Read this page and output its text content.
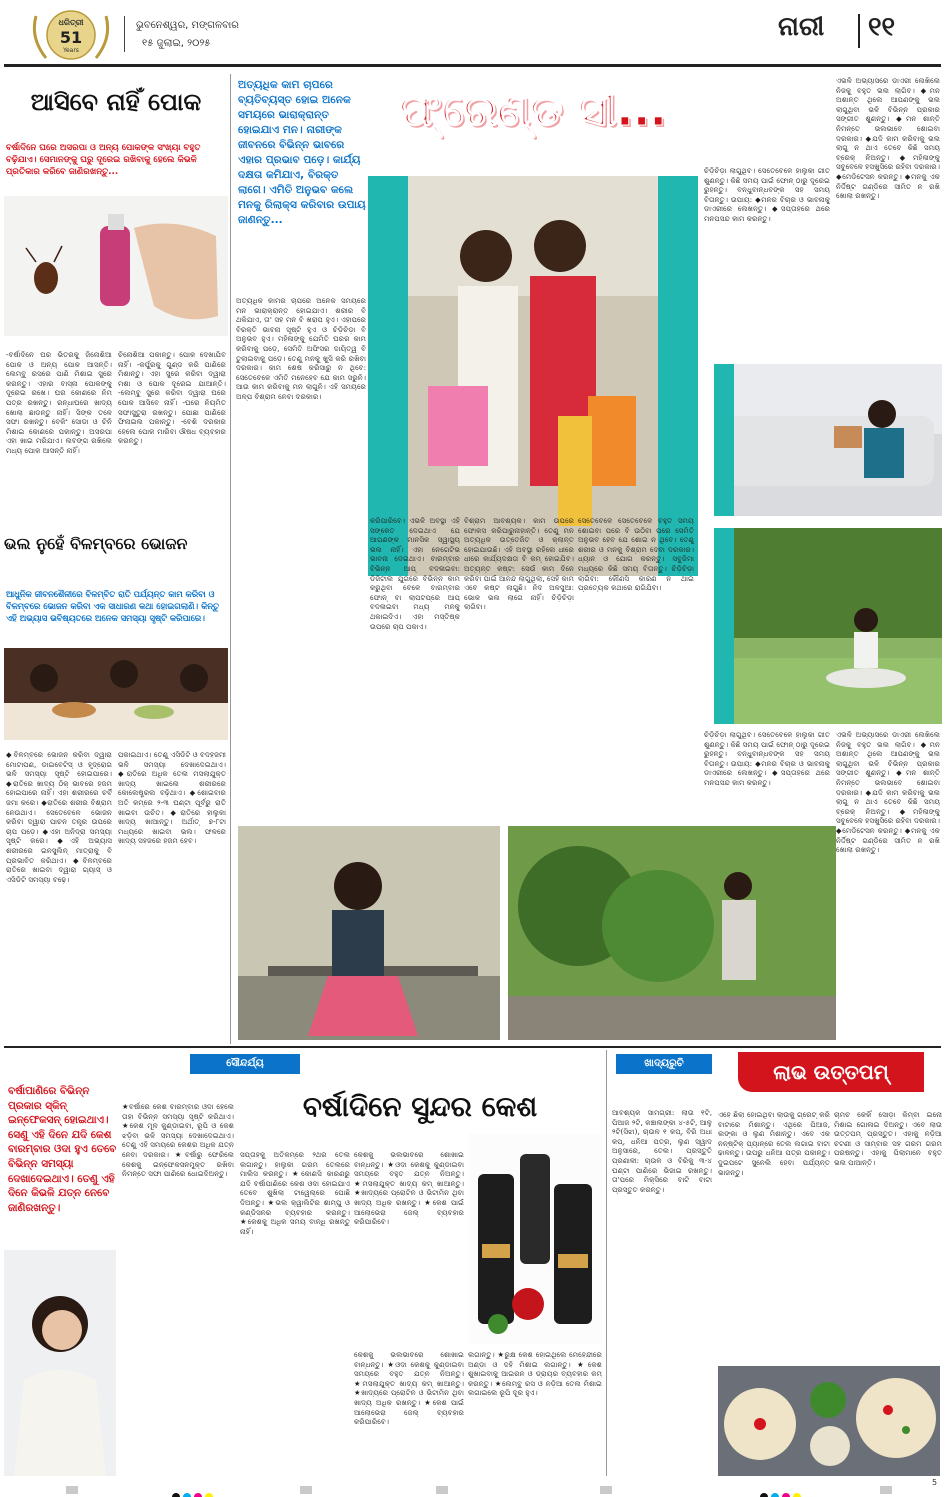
ଧରିତ୍ରୀ
51
Years
ଭୁବନେଶ୍ୱର, ମଙ୍ଗଳବାର
୧୫ ଜୁଲାଇ, ୨୦୨୫
ନାରୀ ୧୧
ଆସିବେ ନାହିଁ ପୋକ
ବର୍ଷାଦିନେ ଘରେ ଅସରପା ଓ ଅନ୍ୟ ପୋକଙ୍କ ସଂଖ୍ୟା ବହୁତ ବଢ଼ିଯାଏ। ସେମାନଙ୍କୁ ଘରୁ ଦୂରେଇ ରଖିବାକୁ ହେଲେ କିଭଳି ପ୍ରତିକାର କରିବେ ଜାଣିରଖନ୍ତୁ...
-ବର୍ଷାଦିନେ ଘର ଭିତରକୁ ଜିନୋଶିଆ ପୋକ ଓ ଅନ୍ୟ ପୋକ ଆସନ୍ତି। ଲେମ୍ବୁ ରସରେ ପାଣି ମିଶାଇ ସ୍ପ୍ରେ କରନ୍ତୁ। ଏହାର ବାସ୍ନା ପୋକଙ୍କୁ ଦୂରେଇ ରଖେ। ଘର କୋଣରେ ନିମ ପତ୍ର ରଖନ୍ତୁ। ରନ୍ଧାଘରେ ଖାଦ୍ୟ ଖୋଲା ଛାଡନ୍ତୁ ନାହିଁ। ସିଙ୍କ ତଳେ ସଫା ରଖନ୍ତୁ। ବେକିଂ ସୋଡା ଓ ଚିନି ମିଶାଇ କୋଣରେ ପକାନ୍ତୁ। ଅସରପା ଏହା ଖାଇ ମରିଯାଏ। ଲବଙ୍ଗ ରଖିଲେ ମଧ୍ୟ ପୋକ ଆସନ୍ତି ନାହିଁ।
ଚିନୋଶିଆ ପକାନ୍ତୁ। ପୋକ ଦେଖାଯିବ ନାହିଁ। -କର୍ପୁରକୁ ଗୁଣ୍ଡ କରି ପାଣିରେ ମିଶାନ୍ତୁ। ଏହା ସ୍ପ୍ରେ କରିବା ଦ୍ୱାରା ମଶା ଓ ପୋକ ଦୂରେଇ ଯାଆନ୍ତି। -ଲେମ୍ବୁ ସ୍ପ୍ରେ କରିବା ଦ୍ୱାରା ଘରେ ପୋକ ଆସିବେ ନାହିଁ। -ଘରେ ନିୟମିତ ସଫାସୁତୁରା ରଖନ୍ତୁ। ପୋଛା ପାଣିରେ ଫିନାଇଲ ପକାନ୍ତୁ। -ବେଶି ଦରକାର ହେଲେ ପୋକ ମାରିବା ଔଷଧ ବ୍ୟବହାର କରନ୍ତୁ।
ଭଲ ନୁହେଁ ବିଳମ୍ବରେ ଭୋଜନ
ଆଧୁନିକ ଜୀବନଶୈଳୀରେ ବିଳମ୍ବିତ ରାତି ପର୍ଯ୍ୟନ୍ତ କାମ କରିବା ଓ ବିଳମ୍ବରେ ଭୋଜନ କରିବା ଏକ ସାଧାରଣ କଥା ହୋଇଗଲାଣି। କିନ୍ତୁ ଏହି ଅଭ୍ୟାସ ଭବିଷ୍ୟତରେ ଅନେକ ସମସ୍ୟା ସୃଷ୍ଟି କରିପାରେ।
◆ବିଳମ୍ବରେ ଭୋଜନ କରିବା ଦ୍ୱାରା ମୋଟାପଣ, ଡାଇବେଟିସ୍ ଓ ହୃଦ୍‌ରୋଗ ଭଳି ସମସ୍ୟା ସୃଷ୍ଟି ହୋଇପାରେ। ◆ରାତିରେ ଖାଦ୍ୟ ଠିକ୍ ଭାବରେ ହଜମ ହୋଇପାରେ ନାହିଁ। ଏହା ଶରୀରରେ ଚର୍ବି ଜମା କରେ। ◆ରାତିରେ ଶରୀର ବିଶ୍ରାମ ନେଉଥାଏ। ସେତେବେଳେ ଭୋଜନ କରିବା ଦ୍ୱାରା ପାଚନ ତନ୍ତ୍ର ଉପରେ ଚାପ ପଡ଼େ। ◆ଏହା ଅନିଦ୍ରା ସମସ୍ୟା ସୃଷ୍ଟି କରେ। ◆ଏହି ଅଭ୍ୟାସ ଶରୀରରେ ଇନସୁଲିନ୍ ମାତ୍ରାକୁ ବି ପ୍ରଭାବିତ କରିଥାଏ। ◆ବିଳମ୍ବରେ ରାତିରେ ଖାଇବା ଦ୍ୱାରା ଗ୍ୟାସ୍ ଓ ଏସିଡିଟି ସମସ୍ୟା ବଢ଼େ।
ପକାଇଥାଏ। ତେଣୁ ଏସିଡିଟି ଓ ବଦହଜମୀ ଭଳି ସମସ୍ୟା ଦେଖାଦେଇଥାଏ। ◆ରାତିରେ ଅଧିକ ତେଲ ମସଲାଯୁକ୍ତ ଖାଦ୍ୟ ଖାଇଲେ ଶରୀରରେ କୋଲେଷ୍ଟ୍ରଲ ବଢ଼ିଥାଏ। ◆ଶୋଇବାର ଅତି କମ୍‌ରେ ୨-୩ ଘଣ୍ଟା ପୂର୍ବରୁ ରାତି ଖାଇବା ଉଚିତ। ◆ରାତିରେ ହାଲୁକା ଖାଦ୍ୟ ଖାଆନ୍ତୁ। ଅର୍ଥାତ୍ ୭-୮ଟା ମଧ୍ୟରେ ଖାଇବା ଭଲ। ଫଳରେ ଖାଦ୍ୟ ସହଜରେ ହଜମ ହେବ।
ଅତ୍ୟଧିକ କାମ ଚାପରେ ବ୍ୟତିବ୍ୟସ୍ତ ହୋଇ ଅନେକ ସମୟରେ ଭାରାକ୍ରାନ୍ତ ହୋଇଯାଏ ମନ। ନାରୀଙ୍କ ଜୀବନରେ ବିଭିନ୍ନ ଭାବରେ ଏହାର ପ୍ରଭାବ ପଡ଼େ। କାର୍ଯ୍ୟ ଦକ୍ଷତା କମିଯାଏ, ବିରକ୍ତ ଲାଗେ। ଏମିତି ଅନୁଭବ କଲେ ମନକୁ ରିଲାକ୍ସ କରିବାର ଉପାୟ ଜାଣନ୍ତୁ...
ଫ୍ରେଣ୍ଡ ସୀ...
ଅତ୍ୟଧିକ କାମର ଚାପରେ ଅନେକ ସମୟରେ ମନ ଭାରାକ୍ରାନ୍ତ ହୋଇଯାଏ। ଶରୀର ବି ଥକିଯାଏ, ତା' ସହ ମନ ବି ଖରାପ ହୁଏ। ଏହାପରେ ବିରକ୍ତି ଭାବନା ସୃଷ୍ଟି ହୁଏ ଓ ଚିଡ଼ିଚିଡ଼ା ବି ଅନୁଭବ ହୁଏ। ମହିଳାଙ୍କୁ ଯେମିତି ଘରର କାମ କରିବାକୁ ପଡ଼େ, ସେମିତି ଅଫିସର ଦାୟିତ୍ୱ ବି ତୁଲାଇବାକୁ ପଡ଼େ। ତେଣୁ ମନକୁ ଖୁସି କରି ରଖିବା ଦରକାର। କାମ ଶେଷ କରିସାରୁ ନ ଥିବେ: ସେତେବେଳେ ଏମିତି ମନେହେବ ଯେ କାମ ସରୁନି। ଆଉ କାମ କରିବାକୁ ମନ ଲାଗୁନି। ଏହି ସମୟରେ ଅଳ୍ପ ବିଶ୍ରାମ ନେବା ଦରକାର।
କରିପାରିବେ। ଏଭଳି ଅବସ୍ଥା ଏହି ସଙ୍କେତ ଦେଇଥାଏ ଯେ ଆପଣଙ୍କ ମାନସିକ ସ୍ୱାସ୍ଥ୍ୟ ଭଲ ନାହିଁ। ଏହା ନେଗେଟିଭ ଭାବନା ଦେଇଥାଏ। ବାରମ୍ବାର ବିଭିନ୍ନ ଆପ୍ ବଦଳାଇବା: ଡିଜିଟାଲ ଯୁଗରେ ବିଭିନ୍ନ କାମ କରୁଥିବା ବେଳେ ବାରମ୍ବାର ଫୋନ୍ ବା ଲାପଟପ୍‌ରେ ଆପ୍ ବଦଳାଇବା ମଧ୍ୟ ମନକୁ ଥକାଇଦିଏ। ଏହା ମସ୍ତିଷ୍କ ଉପରେ ଚାପ ପକାଏ।
ବିଶ୍ରାମ ଆବଶ୍ୟକ। କାମ ଉପରେ ଫୋକସ କରିପାରୁନାହାନ୍ତି। ତେଣୁ ମନ ଅତ୍ୟଧିକ ଉତ୍ତେଜିତ ଓ କ୍ଲାନ୍ତ ହୋଇଯାଉଛି। ଏହି ଅବସ୍ଥା ରହିଲେ ଧୀରେ ଧୀରେ କାର୍ଯ୍ୟଦକ୍ଷତା ବି କମ୍ ହୋଇଯିବ। ଅତ୍ୟନ୍ତ କଷ୍ଟ: ସେଉଁ କାମ ଦିନେ କରିବା ପାଇଁ ଆନନ୍ଦ ଲାଗୁଥିଲା, ସେହି କାମ ଏବେ କଷ୍ଟ ଲାଗୁଛି। ନିଦ ଅଳସୁଆ: ଭୋକ ଭଲ ଲାଗେ ନାହିଁ। ଚିଡ଼ିଚିଡ଼ା ଲାଗିବା।
ସେତେବେଳେ ସେତେବେଳେ ବହୁତ ସମୟ ଶୋଇବା ପରେ ବି ଉଠିବା ପରେ ସେମିତି ଅନୁଭବ ହେବ ଯେ ଶୋଇ ନ ଥିବେ। ତେଣୁ ଶରୀର ଓ ମନକୁ ବିଶ୍ରାମ ଦେବା ଦରକାର। ଧ୍ୟାନ ଓ ଯୋଗ କରନ୍ତୁ। ସବୁଜିମା ମଧ୍ୟରେ କିଛି ସମୟ ବିତାନ୍ତୁ। ଚିଡ଼ିଚିଡ଼ା ଲାଗିବା: କୌଣସି କାରଣ ନ ଥାଇ ପ୍ରତ୍ୟେକ କଥାରେ ରାଗିଯିବା।
ଚିଡ଼ିଚିଡ଼ା ଲାଗୁଥିବ। ସେତେବେଳେ ହାଲୁକା ଗୀତ ଶୁଣନ୍ତୁ। କିଛି ସମୟ ପାଇଁ ଫୋନ୍ ଠାରୁ ଦୂରେଇ ରୁହନ୍ତୁ। ବନ୍ଧୁବାନ୍ଧବଙ୍କ ସହ ସମୟ ବିତାନ୍ତୁ। ଉପାୟ: ◆ମନର ବିଚାର ଓ ଭାବନାକୁ ଡାଏରୀରେ ଲେଖନ୍ତୁ। ◆ସପ୍ତାହରେ ଥରେ ମନପସନ୍ଦ କାମ କରନ୍ତୁ।
ଏଭଳି ଅଭ୍ୟାସରେ ଡାଏରୀ ଲେଖିଲେ ନିଜକୁ ବହୁତ ଭଲ ଲାଗିବ। ◆ମନ ଅଶାନ୍ତ ଥିଲେ ଆପଣଙ୍କୁ ଭଲ ଲାଗୁଥିବା ଭଳି ବିଭିନ୍ନ ପ୍ରକାର ସଙ୍ଗୀତ ଶୁଣନ୍ତୁ। ◆ମନ ଶାନ୍ତି ନିମନ୍ତେ ଭଲଭାବେ ଶୋଇବା ଦରକାର। ◆ଯଦି କାମ କରିବାକୁ ଭଲ ଲାଗୁ ନ ଥାଏ ତେବେ କିଛି ସମୟ ବ୍ରେକ୍ ନିଅନ୍ତୁ। ◆ମହିଳାଙ୍କୁ ସବୁବେଳେ ହସଖୁସିରେ ରହିବା ଦରକାର। ◆ମେଡିଟେସନ କରନ୍ତୁ। ◆ମନକୁ ଏକ ନିର୍ଦ୍ଦିଷ୍ଟ ଗଣ୍ଡିରେ ସୀମିତ ନ ରଖି ଖୋଲା ରଖନ୍ତୁ।
ଚିଡ଼ିଚିଡ଼ା ଲାଗୁଥିବ। ସେତେବେଳେ ହାଲୁକା ଗୀତ ଶୁଣନ୍ତୁ। କିଛି ସମୟ ପାଇଁ ଫୋନ୍ ଠାରୁ ଦୂରେଇ ରୁହନ୍ତୁ। ବନ୍ଧୁବାନ୍ଧବଙ୍କ ସହ ସମୟ ବିତାନ୍ତୁ। ଉପାୟ: ◆ମନର ବିଚାର ଓ ଭାବନାକୁ ଡାଏରୀରେ ଲେଖନ୍ତୁ। ◆ସପ୍ତାହରେ ଥରେ ମନପସନ୍ଦ କାମ କରନ୍ତୁ।
ଏଭଳି ଅଭ୍ୟାସରେ ଡାଏରୀ ଲେଖିଲେ ନିଜକୁ ବହୁତ ଭଲ ଲାଗିବ। ◆ମନ ଅଶାନ୍ତ ଥିଲେ ଆପଣଙ୍କୁ ଭଲ ଲାଗୁଥିବା ଭଳି ବିଭିନ୍ନ ପ୍ରକାର ସଙ୍ଗୀତ ଶୁଣନ୍ତୁ। ◆ମନ ଶାନ୍ତି ନିମନ୍ତେ ଭଲଭାବେ ଶୋଇବା ଦରକାର। ◆ଯଦି କାମ କରିବାକୁ ଭଲ ଲାଗୁ ନ ଥାଏ ତେବେ କିଛି ସମୟ ବ୍ରେକ୍ ନିଅନ୍ତୁ। ◆ମହିଳାଙ୍କୁ ସବୁବେଳେ ହସଖୁସିରେ ରହିବା ଦରକାର। ◆ମେଡିଟେସନ କରନ୍ତୁ। ◆ମନକୁ ଏକ ନିର୍ଦ୍ଦିଷ୍ଟ ଗଣ୍ଡିରେ ସୀମିତ ନ ରଖି ଖୋଲା ରଖନ୍ତୁ।
ସୌନ୍ଦର୍ଯ୍ୟ
ବର୍ଷାପାଣିରେ ବିଭିନ୍ନ ପ୍ରକାର ସ୍କିନ୍ ଇନ୍‌ଫେକସନ୍ ହୋଇଥାଏ। ସେଣୁ ଏହି ଦିନେ ଯଦି କେଶ ବାରମ୍ବାର ଓଦା ହୁଏ ତେବେ ବିଭିନ୍ନ ସମସ୍ୟା ଦେଖାଦେଇଥାଏ। ତେଣୁ ଏହି ଦିନେ କିଭଳି ଯତ୍ନ ନେବେ ଜାଣିରଖନ୍ତୁ।
★ବର୍ଷାରେ କେଶ ବାରମ୍ବାର ଓଦା ହେଲେ ତାହା ବିଭିନ୍ନ ସମସ୍ୟା ସୃଷ୍ଟି କରିଥାଏ। ★କେଶ ମୂଳ କୁଣ୍ଡାଇବା, ରୂପି ଓ କେଶ ଝଡ଼ିବା ଭଳି ସମସ୍ୟା ଦେଖାଦେଇଥାଏ। ତେଣୁ ଏହି ସମୟରେ କେଶର ଅଧିକ ଯତ୍ନ ନେବା ଦରକାର। ★ବର୍ଷାରୁ ଫେରିଲେ କେଶକୁ ଇନ୍‌ଫେକସନମୁକ୍ତ ରଖିବା ନିମନ୍ତେ ସଫା ପାଣିରେ ଧୋଇଦିଅନ୍ତୁ।
ବର୍ଷାଦିନେ ସୁନ୍ଦର କେଶ
ସପ୍ତାହକୁ ଅତିକମ୍‌ରେ ୨ଥର ତେଲ ଲଗାନ୍ତୁ। ହାଲୁକା ଗରମ ତେଲରେ ମାଲିସ କରନ୍ତୁ। ★କୋଣସି କାରଣରୁ ଯଦି ବର୍ଷାପାଣିରେ କେଶ ଓଦା ହୋଇଯାଏ ତେବେ ଶୁଖିଲା ଟାୱେଲ୍‌ରେ ପୋଛି ଦିଅନ୍ତୁ। ★ଭଲ କ୍ୱାଲିଟିର ଶାମ୍ପୁ ଓ କଣ୍ଡିସନର ବ୍ୟବହାର କରନ୍ତୁ। ★କେଶକୁ ଅଧିକ ସମୟ ବାନ୍ଧି ରଖନ୍ତୁ ନାହିଁ।
କେଶକୁ ଭଲଭାବରେ ଶୋଖାଇ ବାନ୍ଧନ୍ତୁ। ★ଓଦା କେଶକୁ କୁଣ୍ଡାଇବା ସମୟରେ ବହୁତ ଯତ୍ନ ନିଅନ୍ତୁ। ★ମସଲାଯୁକ୍ତ ଖାଦ୍ୟ କମ୍ ଖାଆନ୍ତୁ। ★ଖାଦ୍ୟରେ ପ୍ରୋଟିନ ଓ ଭିଟାମିନ ଥିବା ଖାଦ୍ୟ ଅଧିକ ରଖନ୍ତୁ। ★କେଶ ପାଇଁ ଆଲୋଭେରା ଜେଲ୍ ବ୍ୟବହାର କରିପାରିବେ।
କେଶକୁ ଭଲଭାବରେ ଶୋଖାଇ ବାନ୍ଧନ୍ତୁ। ★ଓଦା କେଶକୁ କୁଣ୍ଡାଇବା ସମୟରେ ବହୁତ ଯତ୍ନ ନିଅନ୍ତୁ। ★ମସଲାଯୁକ୍ତ ଖାଦ୍ୟ କମ୍ ଖାଆନ୍ତୁ। ★ଖାଦ୍ୟରେ ପ୍ରୋଟିନ ଓ ଭିଟାମିନ ଥିବା ଖାଦ୍ୟ ଅଧିକ ରଖନ୍ତୁ। ★କେଶ ପାଇଁ ଆଲୋଭେରା ଜେଲ୍ ବ୍ୟବହାର କରିପାରିବେ।
ଲଗାନ୍ତୁ। ★ରୁକ୍ଷ କେଶ ହୋଇଥିଲେ ମେହେନ୍ଦୀରେ ଅଣ୍ଡା ଓ ଦହି ମିଶାଇ ଲଗାନ୍ତୁ। ★କେଶ ଶୁଖାଇବାକୁ ଆଇରନ ଓ ଡ୍ରାୟର ବ୍ୟବହାର କମ୍ କରନ୍ତୁ। ★ଲେମ୍ବୁ ରସ ଓ ନଡ଼ିଆ ତେଲ ମିଶାଇ ଲଗାଇଲେ ରୂପି ଦୂର ହୁଏ।
ଖାଦ୍ୟରୁଚି	ଲାଭ ଉତ୍ତପମ୍
ଆବଶ୍ୟକ ସାମଗ୍ରୀ: ଲାଉ ୧ଟି, ପିଆଜ ୨ଟି, କଞ୍ଚାଲଙ୍କା ୪-୫ଟି, ଆଳୁ ୨ଟି(ସିଝା), ଚାଉଳ ୧ କପ୍, ବିରି ଅଧା କପ୍, ଧନିଆ ପତ୍ର, ଲୁଣ ସ୍ୱାଦ ଅନୁସାରେ, ତେଲ। ପ୍ରସ୍ତୁତି ପ୍ରଣାଳୀ: ଚାଉଳ ଓ ବିରିକୁ ୩-୪ ଘଣ୍ଟା ପାଣିରେ ଭିଜାଇ ରଖନ୍ତୁ। ତା'ପରେ ମିକ୍ସିରେ ବାଟି ବାଟା ପ୍ରସ୍ତୁତ କରନ୍ତୁ।
ଏହେ ଛିଲା ହୋଇଥିବା ଲାଉକୁ ଗ୍ରେଟ୍ କରି ବାଟାରେ ମିଶାନ୍ତୁ। ଏଥିରେ ପିଆଜ, ଲଙ୍କା ଓ ଲୁଣ ମିଶାନ୍ତୁ। ଏବେ ଏକ ନନ୍‌ଷ୍ଟିକ୍ ପ୍ୟାନ୍‌ରେ ତେଲ ଲଗାଇ ବାଟା ଢାଳନ୍ତୁ। ଉପରୁ ଧନିଆ ପତ୍ର ପକାନ୍ତୁ। ଦୁଇପଟେ ସୁନେଲି ହେବା ପର୍ଯ୍ୟନ୍ତ ଭାଜନ୍ତୁ।
ଚାମଚ କେକିଁ ସୋଡ଼ା କିମ୍ବା ଇନୋ ମିଶାଇ ଗୋଳାଇ ଦିଅନ୍ତୁ। ଏବେ ଲାଉ ଉତ୍ତପମ୍ ପ୍ରସ୍ତୁତ। ଏହାକୁ ନଡ଼ିଆ ଚଟଣୀ ଓ ସାମ୍ବାର ସହ ଗରମ ଗରମ ପରଷନ୍ତୁ। ଏହାକୁ ପିଲାମାନେ ବହୁତ ଭଲ ପାଆନ୍ତି।
5
